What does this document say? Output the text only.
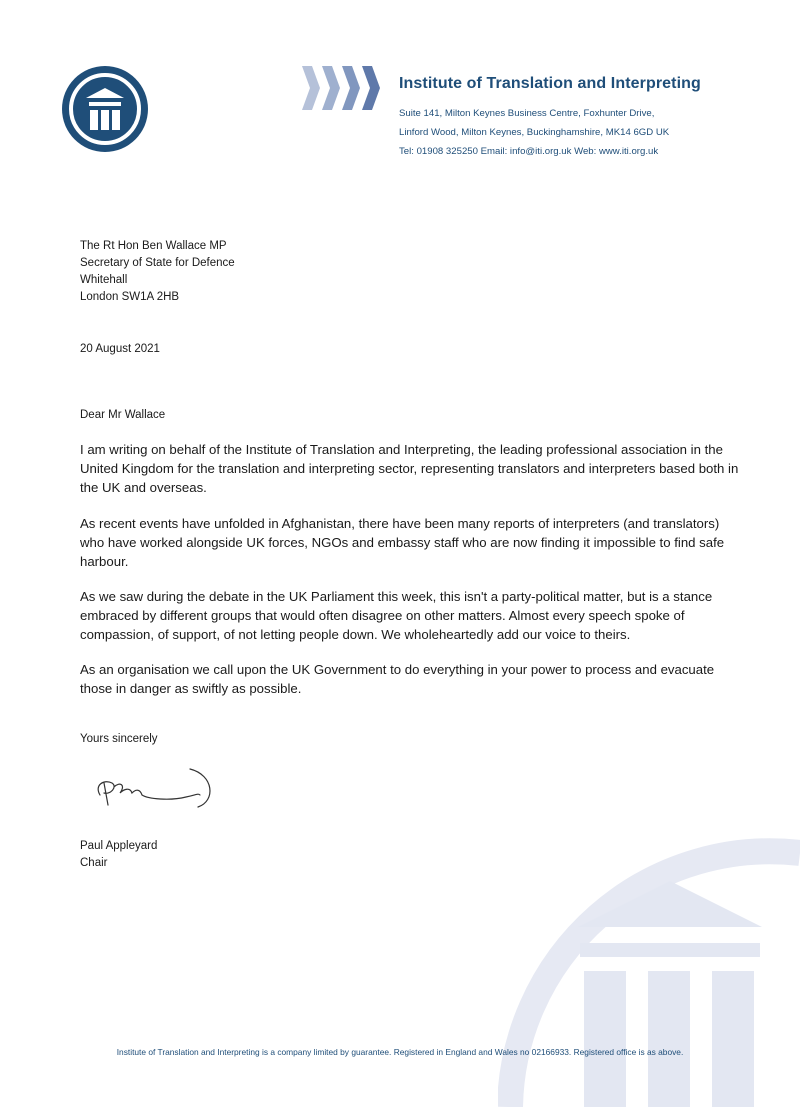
Institute of Translation and Interpreting
Suite 141, Milton Keynes Business Centre, Foxhunter Drive,
Linford Wood, Milton Keynes, Buckinghamshire, MK14 6GD UK
Tel: 01908 325250 Email: info@iti.org.uk Web: www.iti.org.uk
The Rt Hon Ben Wallace MP
Secretary of State for Defence
Whitehall
London SW1A 2HB
20 August 2021
Dear Mr Wallace
I am writing on behalf of the Institute of Translation and Interpreting, the leading professional association in the United Kingdom for the translation and interpreting sector, representing translators and interpreters based both in the UK and overseas.
As recent events have unfolded in Afghanistan, there have been many reports of interpreters (and translators) who have worked alongside UK forces, NGOs and embassy staff who are now finding it impossible to find safe harbour.
As we saw during the debate in the UK Parliament this week, this isn't a party-political matter, but is a stance embraced by different groups that would often disagree on other matters. Almost every speech spoke of compassion, of support, of not letting people down. We wholeheartedly add our voice to theirs.
As an organisation we call upon the UK Government to do everything in your power to process and evacuate those in danger as swiftly as possible.
Yours sincerely
Paul Appleyard
Chair
Institute of Translation and Interpreting is a company limited by guarantee. Registered in England and Wales no 02166933. Registered office is as above.
